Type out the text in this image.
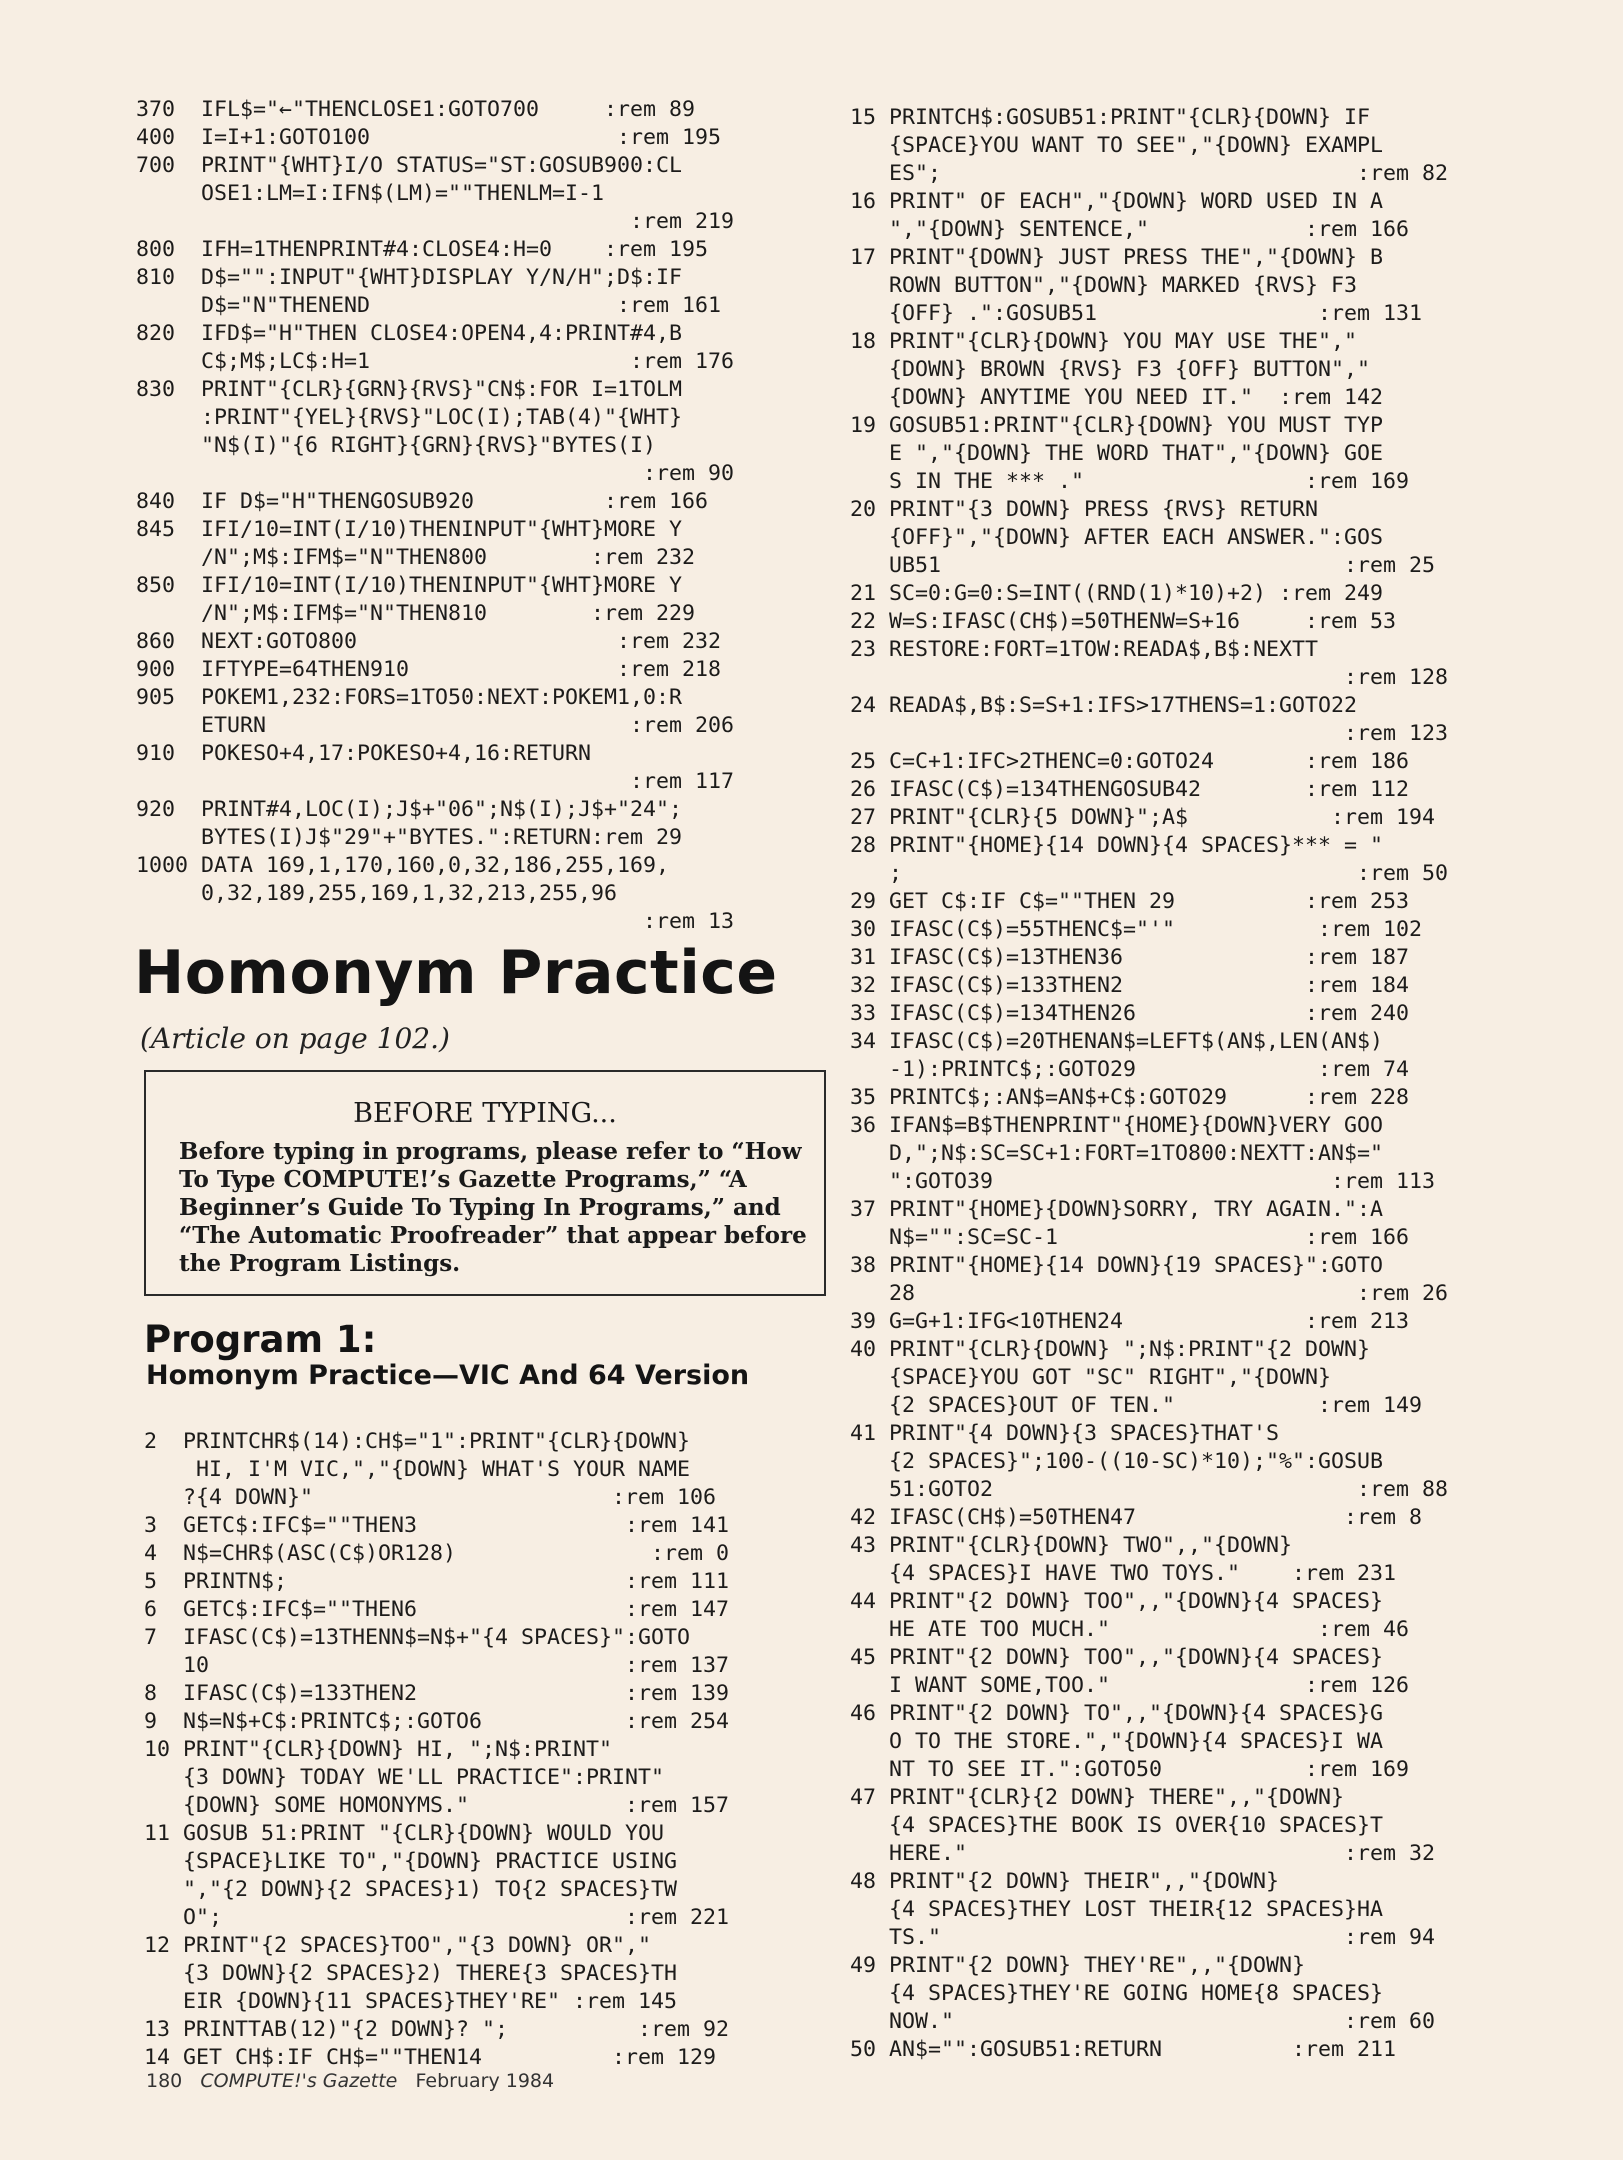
370  IFL$="←"THENCLOSE1:GOTO700     :rem 89
400  I=I+1:GOTO100                   :rem 195
700  PRINT"{WHT}I/O STATUS="ST:GOSUB900:CL
OSE1:LM=I:IFN$(LM)=""THENLM=I-1
:rem 219
800  IFH=1THENPRINT#4:CLOSE4:H=0    :rem 195
810  D$="":INPUT"{WHT}DISPLAY Y/N/H";D$:IF
D$="N"THENEND                   :rem 161
820  IFD$="H"THEN CLOSE4:OPEN4,4:PRINT#4,B
C$;M$;LC$:H=1                    :rem 176
830  PRINT"{CLR}{GRN}{RVS}"CN$:FOR I=1TOLM
:PRINT"{YEL}{RVS}"LOC(I);TAB(4)"{WHT}
"N$(I)"{6 RIGHT}{GRN}{RVS}"BYTES(I)
:rem 90
840  IF D$="H"THENGOSUB920          :rem 166
845  IFI/10=INT(I/10)THENINPUT"{WHT}MORE Y
/N";M$:IFM$="N"THEN800        :rem 232
850  IFI/10=INT(I/10)THENINPUT"{WHT}MORE Y
/N";M$:IFM$="N"THEN810        :rem 229
860  NEXT:GOTO800                    :rem 232
900  IFTYPE=64THEN910                :rem 218
905  POKEM1,232:FORS=1TO50:NEXT:POKEM1,0:R
ETURN                            :rem 206
910  POKESO+4,17:POKESO+4,16:RETURN
:rem 117
920  PRINT#4,LOC(I);J$+"06";N$(I);J$+"24";
BYTES(I)J$"29"+"BYTES.":RETURN:rem 29
1000 DATA 169,1,170,160,0,32,186,255,169,
0,32,189,255,169,1,32,213,255,96
:rem 13
Homonym Practice
(Article on page 102.)
BEFORE TYPING...

Before typing in programs, please refer to “How To Type COMPUTE!’s Gazette Programs,” “A Beginner’s Guide To Typing In Programs,” and “The Automatic Proofreader” that appear before the Program Listings.

Program 1:
Homonym Practice—VIC And 64 Version
2  PRINTCHR$(14):CH$="1":PRINT"{CLR}{DOWN}
HI, I'M VIC,","{DOWN} WHAT'S YOUR NAME
?{4 DOWN}"                       :rem 106
3  GETC$:IFC$=""THEN3                :rem 141
4  N$=CHR$(ASC(C$)OR128)               :rem 0
5  PRINTN$;                          :rem 111
6  GETC$:IFC$=""THEN6                :rem 147
7  IFASC(C$)=13THENN$=N$+"{4 SPACES}":GOTO
10                                :rem 137
8  IFASC(C$)=133THEN2                :rem 139
9  N$=N$+C$:PRINTC$;:GOTO6           :rem 254
10 PRINT"{CLR}{DOWN} HI, ";N$:PRINT"
{3 DOWN} TODAY WE'LL PRACTICE":PRINT"
{DOWN} SOME HOMONYMS."            :rem 157
11 GOSUB 51:PRINT "{CLR}{DOWN} WOULD YOU
{SPACE}LIKE TO","{DOWN} PRACTICE USING
","{2 DOWN}{2 SPACES}1) TO{2 SPACES}TW
O";                               :rem 221
12 PRINT"{2 SPACES}TOO","{3 DOWN} OR","
{3 DOWN}{2 SPACES}2) THERE{3 SPACES}TH
EIR {DOWN}{11 SPACES}THEY'RE" :rem 145
13 PRINTTAB(12)"{2 DOWN}? ";          :rem 92
14 GET CH$:IF CH$=""THEN14          :rem 129
15 PRINTCH$:GOSUB51:PRINT"{CLR}{DOWN} IF
{SPACE}YOU WANT TO SEE","{DOWN} EXAMPL
ES";                                :rem 82
16 PRINT" OF EACH","{DOWN} WORD USED IN A
","{DOWN} SENTENCE,"            :rem 166
17 PRINT"{DOWN} JUST PRESS THE","{DOWN} B
ROWN BUTTON","{DOWN} MARKED {RVS} F3
{OFF} .":GOSUB51                 :rem 131
18 PRINT"{CLR}{DOWN} YOU MAY USE THE","
{DOWN} BROWN {RVS} F3 {OFF} BUTTON","
{DOWN} ANYTIME YOU NEED IT."  :rem 142
19 GOSUB51:PRINT"{CLR}{DOWN} YOU MUST TYP
E ","{DOWN} THE WORD THAT","{DOWN} GOE
S IN THE *** ."                 :rem 169
20 PRINT"{3 DOWN} PRESS {RVS} RETURN
{OFF}","{DOWN} AFTER EACH ANSWER.":GOS
UB51                               :rem 25
21 SC=0:G=0:S=INT((RND(1)*10)+2) :rem 249
22 W=S:IFASC(CH$)=50THENW=S+16     :rem 53
23 RESTORE:FORT=1TOW:READA$,B$:NEXTT
:rem 128
24 READA$,B$:S=S+1:IFS>17THENS=1:GOTO22
:rem 123
25 C=C+1:IFC>2THENC=0:GOTO24       :rem 186
26 IFASC(C$)=134THENGOSUB42        :rem 112
27 PRINT"{CLR}{5 DOWN}";A$           :rem 194
28 PRINT"{HOME}{14 DOWN}{4 SPACES}*** = "
;                                   :rem 50
29 GET C$:IF C$=""THEN 29          :rem 253
30 IFASC(C$)=55THENC$="'"           :rem 102
31 IFASC(C$)=13THEN36              :rem 187
32 IFASC(C$)=133THEN2              :rem 184
33 IFASC(C$)=134THEN26             :rem 240
34 IFASC(C$)=20THENAN$=LEFT$(AN$,LEN(AN$)
-1):PRINTC$;:GOTO29              :rem 74
35 PRINTC$;:AN$=AN$+C$:GOTO29      :rem 228
36 IFAN$=B$THENPRINT"{HOME}{DOWN}VERY GOO
D,";N$:SC=SC+1:FORT=1TO800:NEXTT:AN$="
":GOTO39                          :rem 113
37 PRINT"{HOME}{DOWN}SORRY, TRY AGAIN.":A
N$="":SC=SC-1                   :rem 166
38 PRINT"{HOME}{14 DOWN}{19 SPACES}":GOTO
28                                  :rem 26
39 G=G+1:IFG<10THEN24              :rem 213
40 PRINT"{CLR}{DOWN} ";N$:PRINT"{2 DOWN}
{SPACE}YOU GOT "SC" RIGHT","{DOWN}
{2 SPACES}OUT OF TEN."           :rem 149
41 PRINT"{4 DOWN}{3 SPACES}THAT'S
{2 SPACES}";100-((10-SC)*10);"%":GOSUB
51:GOTO2                            :rem 88
42 IFASC(CH$)=50THEN47                :rem 8
43 PRINT"{CLR}{DOWN} TWO",,"{DOWN}
{4 SPACES}I HAVE TWO TOYS."    :rem 231
44 PRINT"{2 DOWN} TOO",,"{DOWN}{4 SPACES}
HE ATE TOO MUCH."                :rem 46
45 PRINT"{2 DOWN} TOO",,"{DOWN}{4 SPACES}
I WANT SOME,TOO."               :rem 126
46 PRINT"{2 DOWN} TO",,"{DOWN}{4 SPACES}G
O TO THE STORE.","{DOWN}{4 SPACES}I WA
NT TO SEE IT.":GOTO50           :rem 169
47 PRINT"{CLR}{2 DOWN} THERE",,"{DOWN}
{4 SPACES}THE BOOK IS OVER{10 SPACES}T
HERE."                             :rem 32
48 PRINT"{2 DOWN} THEIR",,"{DOWN}
{4 SPACES}THEY LOST THEIR{12 SPACES}HA
TS."                               :rem 94
49 PRINT"{2 DOWN} THEY'RE",,"{DOWN}
{4 SPACES}THEY'RE GOING HOME{8 SPACES}
NOW."                              :rem 60
50 AN$="":GOSUB51:RETURN          :rem 211
180 COMPUTE!'s Gazette February 1984
